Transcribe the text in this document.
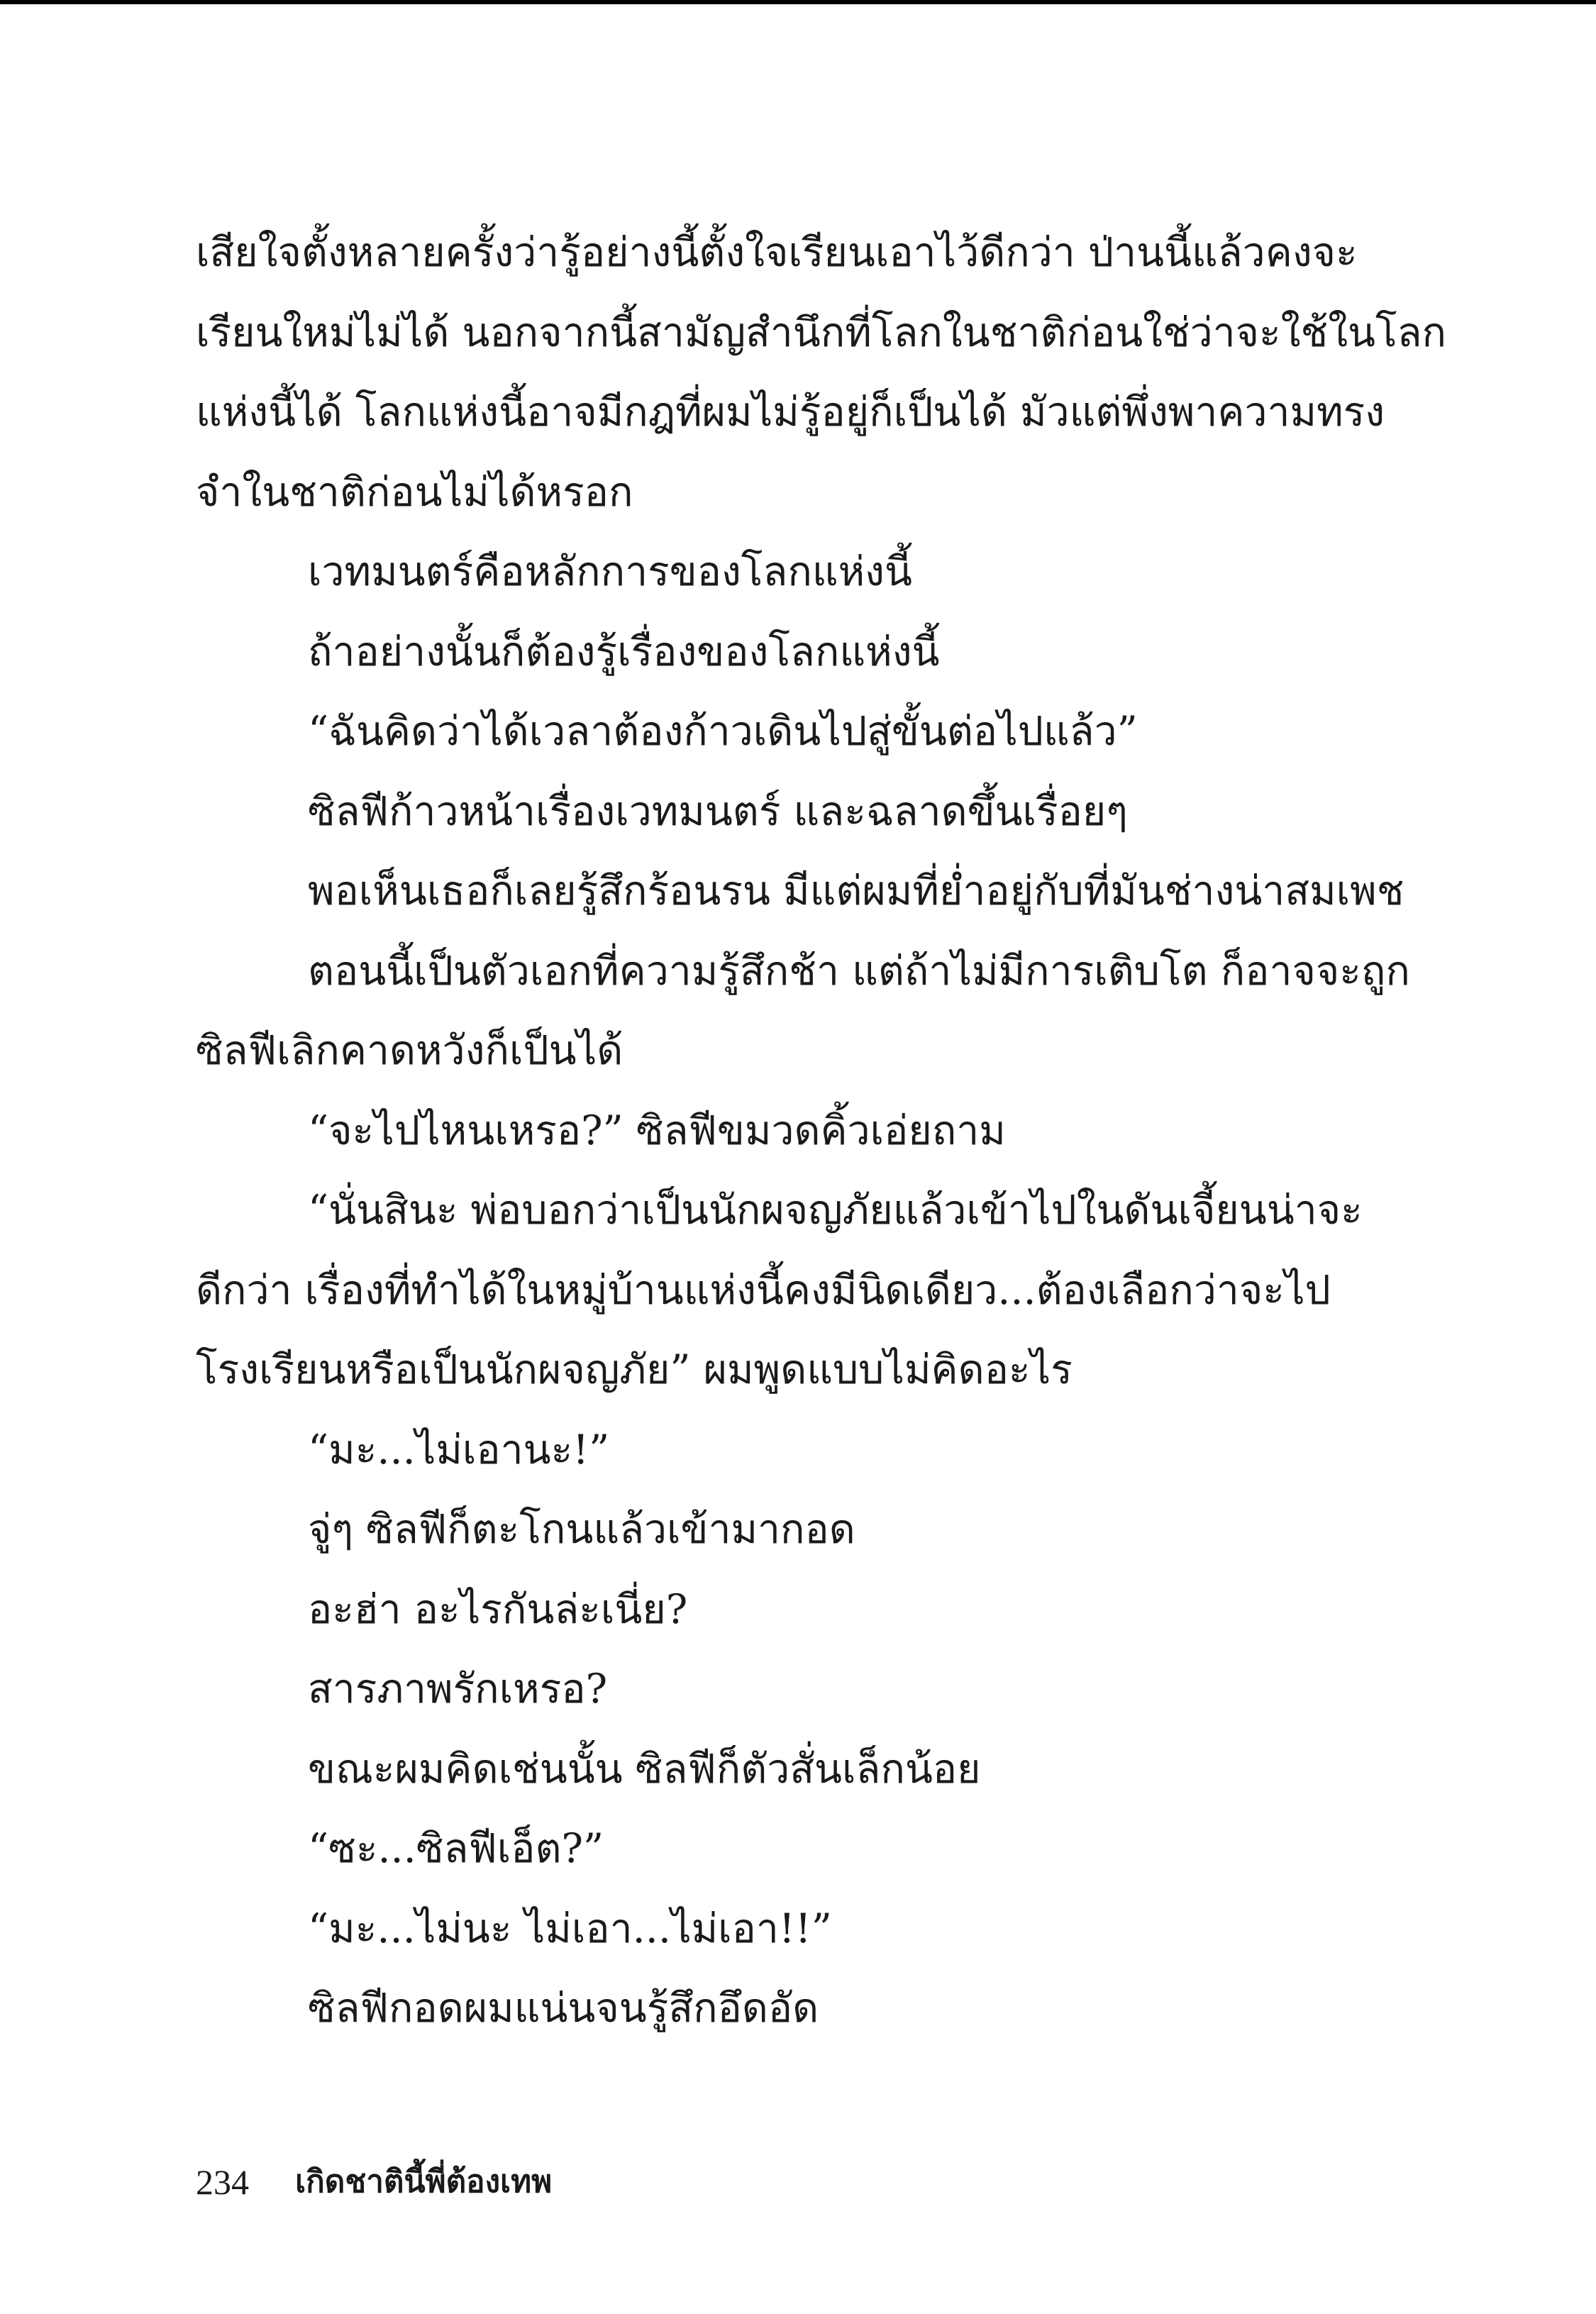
เสียใจตั้งหลายครั้งว่ารู้อย่างนี้ตั้งใจเรียนเอาไว้ดีกว่า ป่านนี้แล้วคงจะ
เรียนใหม่ไม่ได้ นอกจากนี้สามัญสำนึกที่โลกในชาติก่อนใช่ว่าจะใช้ในโลก
แห่งนี้ได้ โลกแห่งนี้อาจมีกฎที่ผมไม่รู้อยู่ก็เป็นได้ มัวแต่พึ่งพาความทรง
จำในชาติก่อนไม่ได้หรอก
เวทมนตร์คือหลักการของโลกแห่งนี้
ถ้าอย่างนั้นก็ต้องรู้เรื่องของโลกแห่งนี้
“ฉันคิดว่าได้เวลาต้องก้าวเดินไปสู่ขั้นต่อไปแล้ว”
ซิลฟีก้าวหน้าเรื่องเวทมนตร์ และฉลาดขึ้นเรื่อยๆ
พอเห็นเธอก็เลยรู้สึกร้อนรน มีแต่ผมที่ย่ำอยู่กับที่มันช่างน่าสมเพช
ตอนนี้เป็นตัวเอกที่ความรู้สึกช้า แต่ถ้าไม่มีการเติบโต ก็อาจจะถูก
ซิลฟีเลิกคาดหวังก็เป็นได้
“จะไปไหนเหรอ?” ซิลฟีขมวดคิ้วเอ่ยถาม
“นั่นสินะ พ่อบอกว่าเป็นนักผจญภัยแล้วเข้าไปในดันเจี้ยนน่าจะ
ดีกว่า เรื่องที่ทำได้ในหมู่บ้านแห่งนี้คงมีนิดเดียว...ต้องเลือกว่าจะไป
โรงเรียนหรือเป็นนักผจญภัย” ผมพูดแบบไม่คิดอะไร
“มะ...ไม่เอานะ!”
จู่ๆ ซิลฟีก็ตะโกนแล้วเข้ามากอด
อะฮ่า อะไรกันล่ะเนี่ย?
สารภาพรักเหรอ?
ขณะผมคิดเช่นนั้น ซิลฟีก็ตัวสั่นเล็กน้อย
“ซะ...ซิลฟีเอ็ต?”
“มะ...ไม่นะ ไม่เอา...ไม่เอา!!”
ซิลฟีกอดผมแน่นจนรู้สึกอึดอัด
234 เกิดชาตินี้พี่ต้องเทพ
